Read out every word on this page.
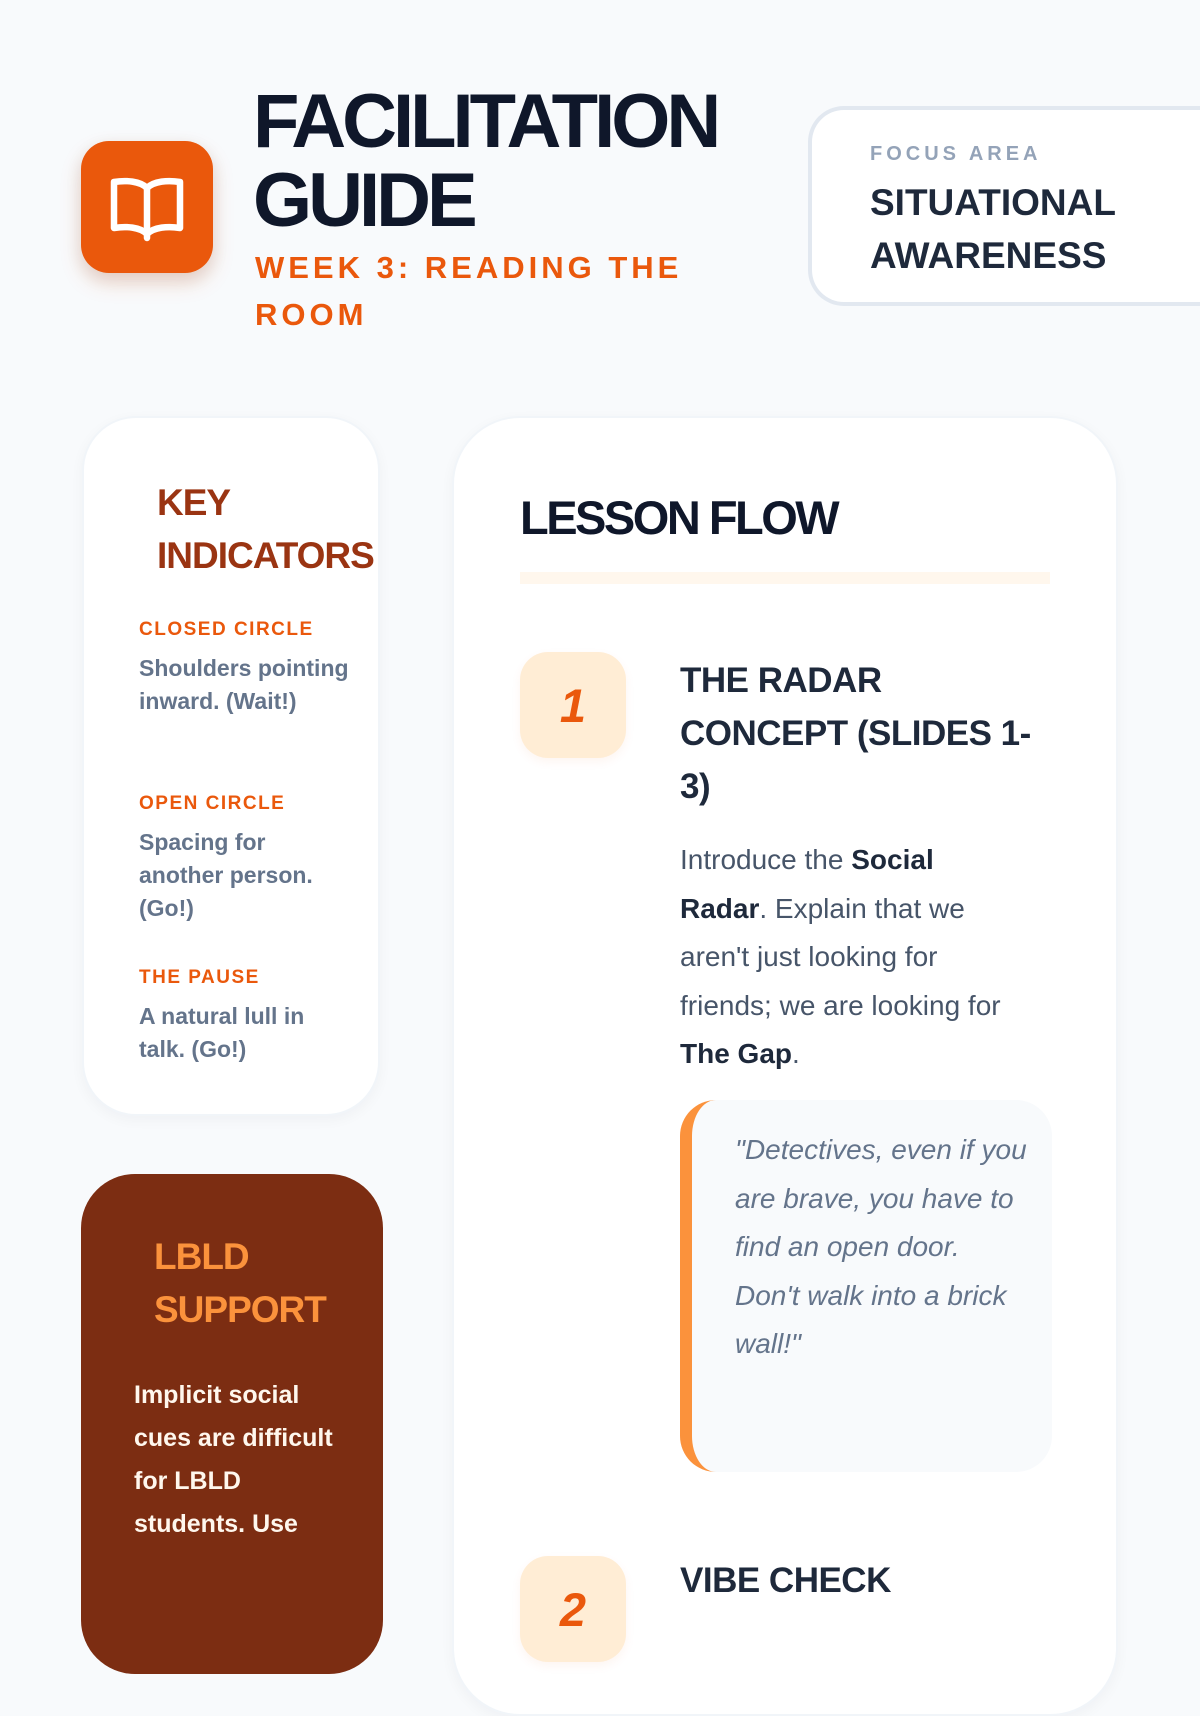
FACILITATION
GUIDE

WEEK 3: READING THE ROOM

FOCUS AREA
SITUATIONAL AWARENESS
KEY
INDICATORS
CLOSED CIRCLE
Shoulders pointing inward. (Wait!)
OPEN CIRCLE
Spacing for another person. (Go!)
THE PAUSE
A natural lull in talk. (Go!)
LBLD
SUPPORT

Implicit social cues are difficult for LBLD students. Use

LESSON FLOW
1	THE RADAR CONCEPT (SLIDES 1-3)

Introduce the Social Radar. Explain that we aren't just looking for friends; we are looking for The Gap.

"Detectives, even if you are brave, you have to find an open door. Don't walk into a brick wall!"

2
VIBE CHECK
